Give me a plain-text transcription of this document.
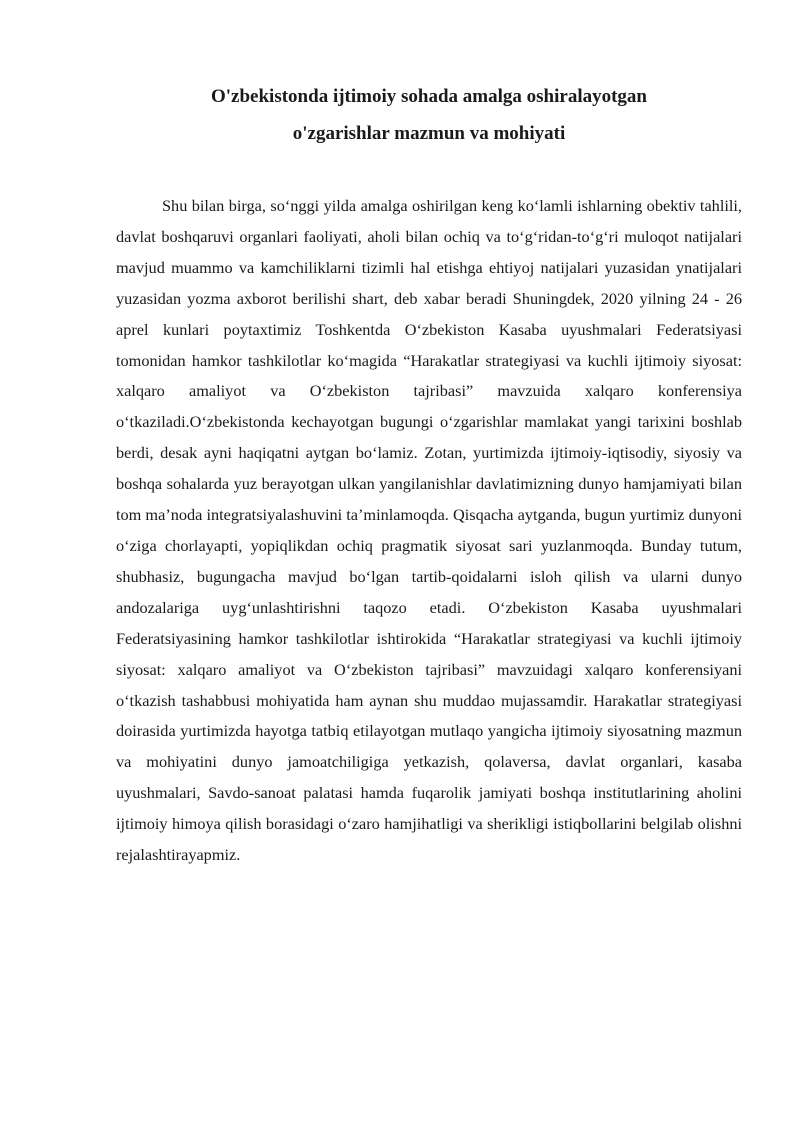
O'zbekistonda ijtimoiy sohada amalga oshiralayotgan
o'zgarishlar mazmun va mohiyati

Shu bilan birga, so‘nggi yilda amalga oshirilgan keng ko‘lamli ishlarning obektiv tahlili, davlat boshqaruvi organlari faoliyati, aholi bilan ochiq va to‘g‘ridan-to‘g‘ri muloqot natijalari mavjud muammo va kamchiliklarni tizimli hal etishga ehtiyoj natijalari yuzasidan ynatijalari yuzasidan yozma axborot berilishi shart, deb xabar beradi Shuningdek, 2020 yilning 24 - 26 aprel kunlari poytaxtimiz Toshkentda O‘zbekiston Kasaba uyushmalari Federatsiyasi tomonidan hamkor tashkilotlar ko‘magida “Harakatlar strategiyasi va kuchli ijtimoiy siyosat: xalqaro amaliyot va O‘zbekiston tajribasi” mavzuida xalqaro konferensiya o‘tkaziladi.O‘zbekistonda kechayotgan bugungi o‘zgarishlar mamlakat yangi tarixini boshlab berdi, desak ayni haqiqatni aytgan bo‘lamiz. Zotan, yurtimizda ijtimoiy-iqtisodiy, siyosiy va boshqa sohalarda yuz berayotgan ulkan yangilanishlar davlatimizning dunyo hamjamiyati bilan tom ma’noda integratsiyalashuvini ta’minlamoqda. Qisqacha aytganda, bugun yurtimiz dunyoni o‘ziga chorlayapti, yopiqlikdan ochiq pragmatik siyosat sari yuzlanmoqda. Bunday tutum, shubhasiz, bugungacha mavjud bo‘lgan tartib-qoidalarni isloh qilish va ularni dunyo andozalariga uyg‘unlashtirishni taqozo etadi. O‘zbekiston Kasaba uyushmalari Federatsiyasining hamkor tashkilotlar ishtirokida “Harakatlar strategiyasi va kuchli ijtimoiy siyosat: xalqaro amaliyot va O‘zbekiston tajribasi” mavzuidagi xalqaro konferensiyani o‘tkazish tashabbusi mohiyatida ham aynan shu muddao mujassamdir. Harakatlar strategiyasi doirasida yurtimizda hayotga tatbiq etilayotgan mutlaqo yangicha ijtimoiy siyosatning mazmun va mohiyatini dunyo jamoatchiligiga yetkazish, qolaversa, davlat organlari, kasaba uyushmalari, Savdo-sanoat palatasi hamda fuqarolik jamiyati boshqa institutlarining aholini ijtimoiy himoya qilish borasidagi o‘zaro hamjihatligi va sherikligi istiqbollarini belgilab olishni rejalashtirayapmiz.
